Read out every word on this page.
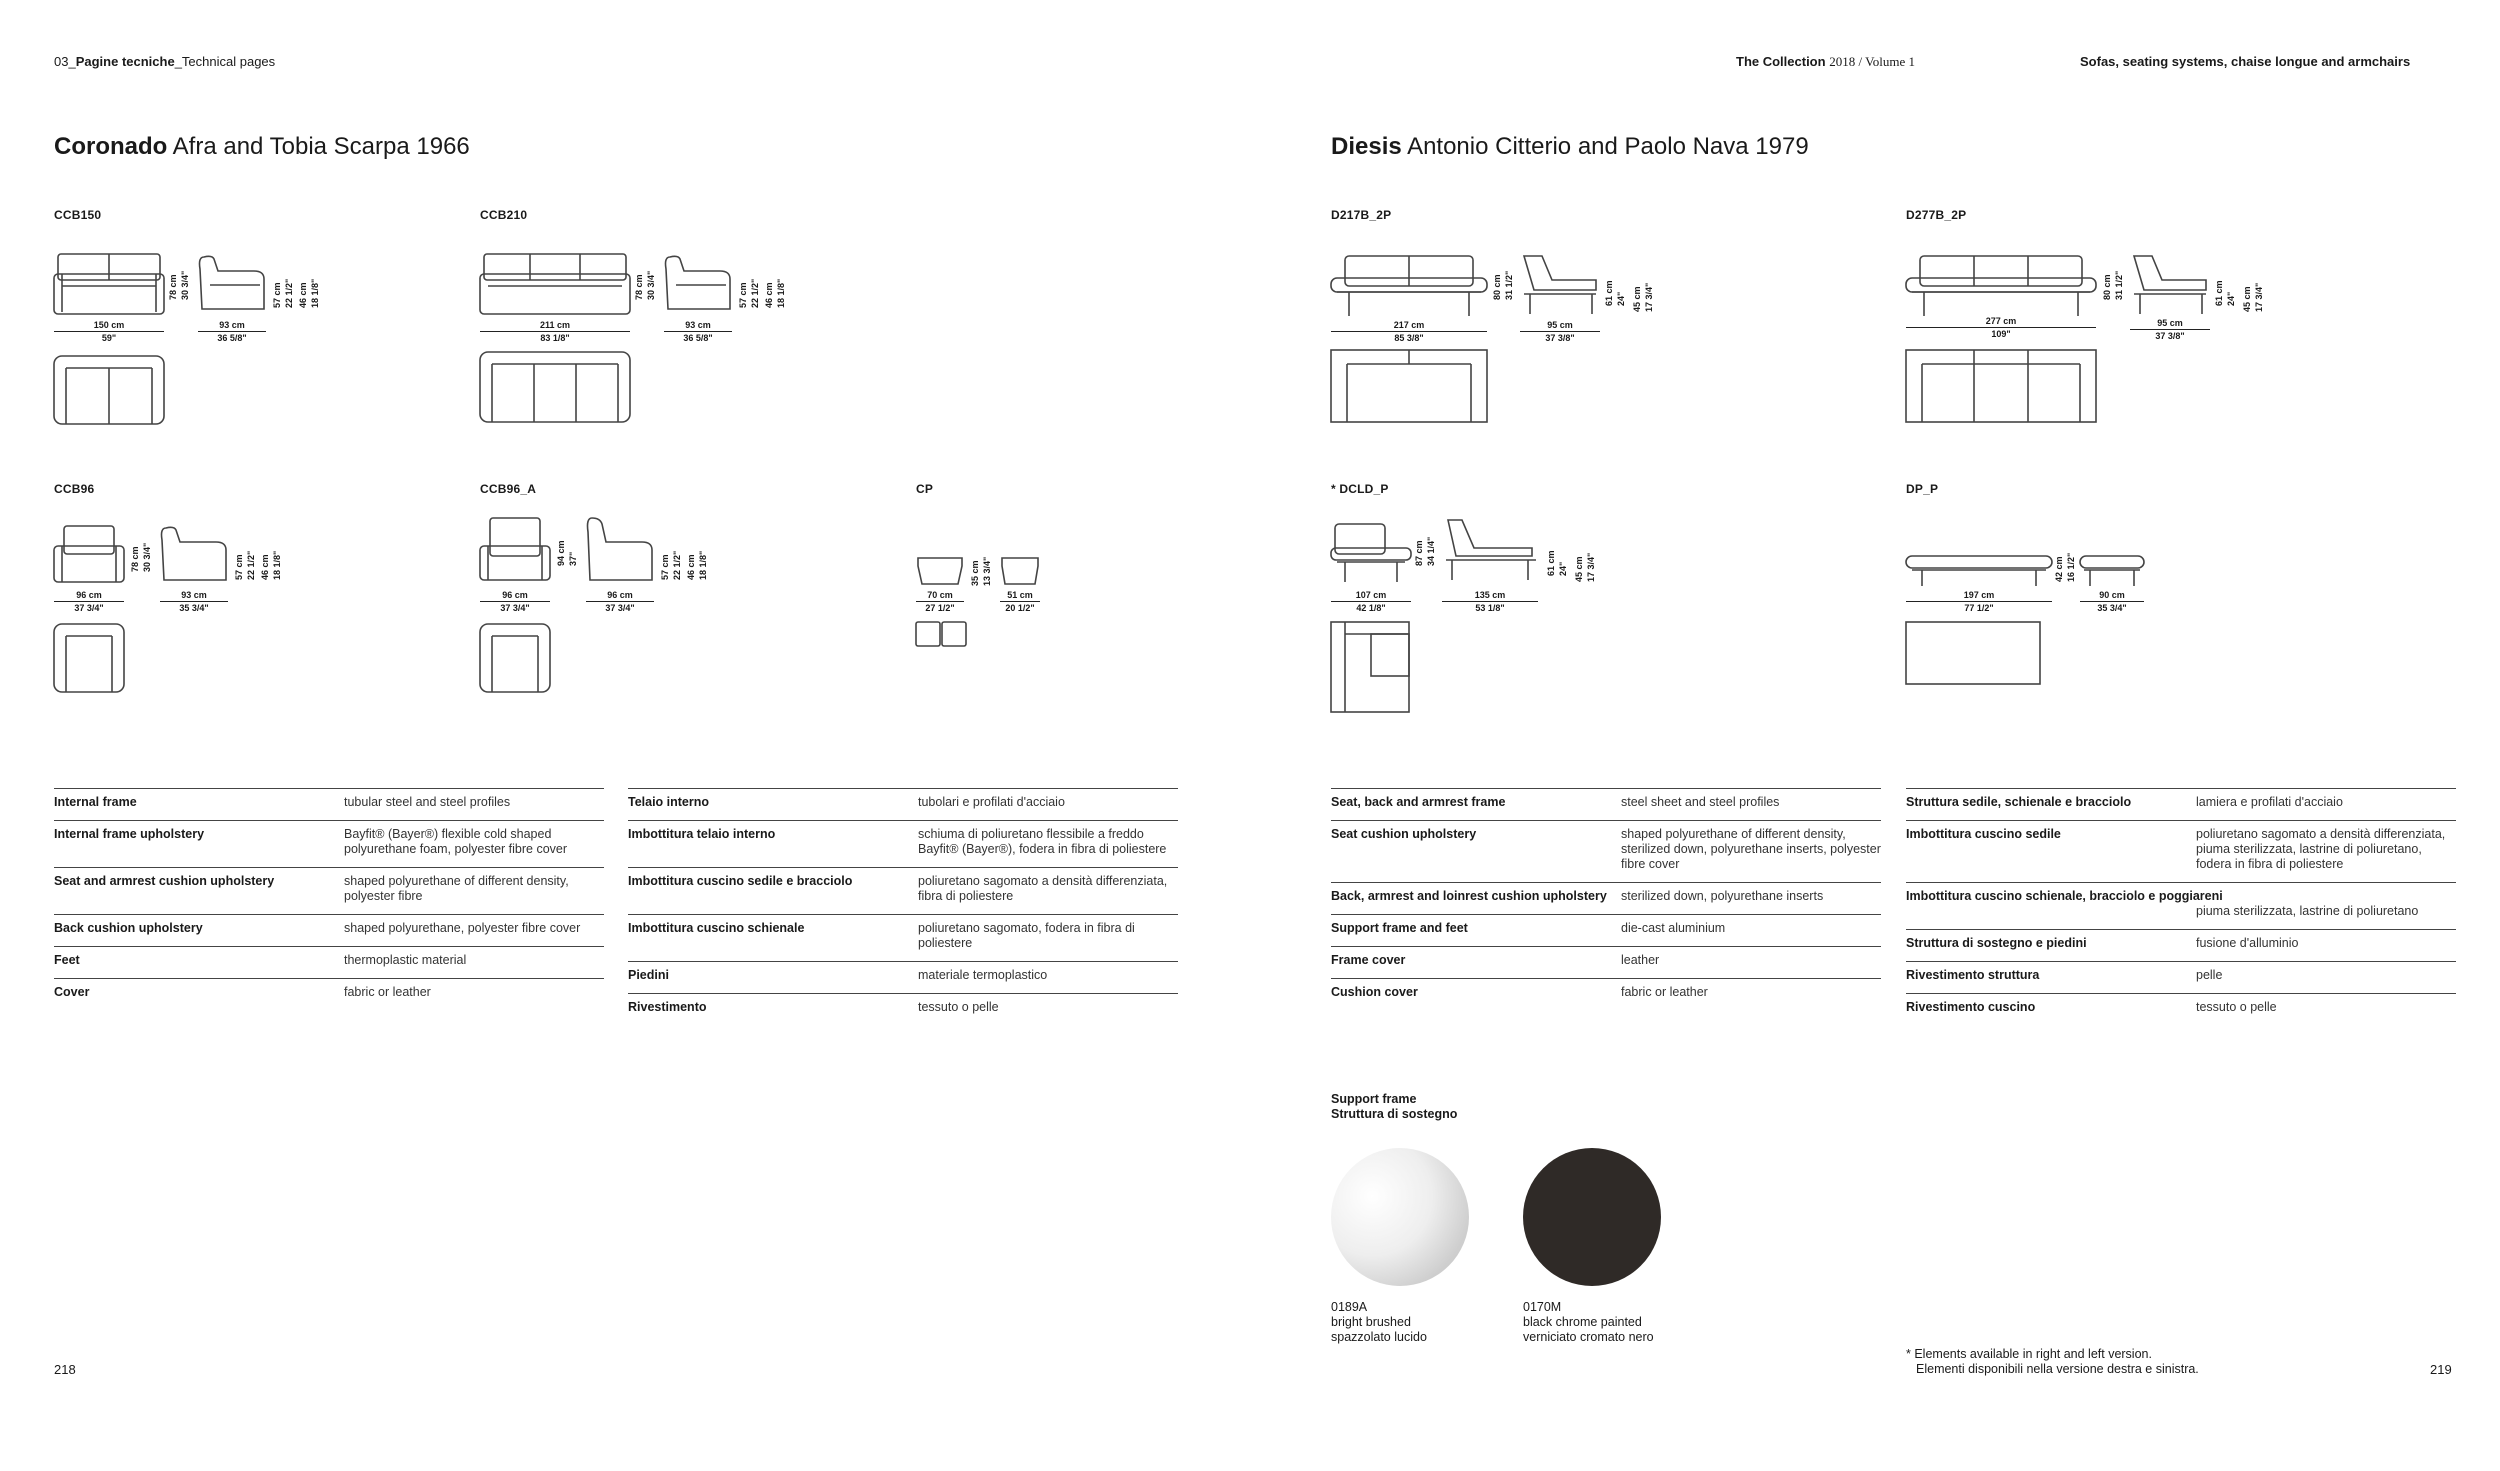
03_Pagine tecniche_Technical pages	The Collection 2018 / Volume 1	Sofas, seating systems, chaise longue and armchairs
Coronado Afra and Tobia Scarpa 1966	Diesis Antonio Citterio and Paolo Nava 1979
CCB150
150 cm
59"
93 cm
36 5/8"
78 cm 30 3/4"	57 cm 22 1/2" 46 cm 18 1/8"
CCB210
211 cm
83 1/8"
93 cm
36 5/8"
78 cm 30 3/4"	57 cm 22 1/2" 46 cm 18 1/8"
CCB96
96 cm
37 3/4"
93 cm
35 3/4"
78 cm 30 3/4"	57 cm 22 1/2" 46 cm 18 1/8"
CCB96_A
96 cm
37 3/4"
96 cm
37 3/4"
94 cm 37"	57 cm 22 1/2" 46 cm 18 1/8"
CP
35 cm 13 3/4"
70 cm
27 1/2"
51 cm
20 1/2"
D217B_2P
217 cm
85 3/8"
95 cm
37 3/8"
80 cm 31 1/2"	61 cm 24" 45 cm 17 3/4"
D277B_2P
277 cm
109"
95 cm
37 3/8"
80 cm 31 1/2"	61 cm 24" 45 cm 17 3/4"
* DCLD_P
107 cm
42 1/8"
135 cm
53 1/8"
87 cm 34 1/4"	61 cm 24" 45 cm 17 3/4"
DP_P
42 cm 16 1/2"
197 cm
77 1/2"
90 cm
35 3/4"
Internal frame	tubular steel and steel profiles
Internal frame upholstery	Bayfit® (Bayer®) flexible cold shaped polyurethane foam, polyester fibre cover
Seat and armrest cushion upholstery	shaped polyurethane of different density, polyester fibre
Back cushion upholstery	shaped polyurethane, polyester fibre cover
Feet	thermoplastic material
Cover	fabric or leather
Telaio interno	tubolari e profilati d'acciaio
Imbottitura telaio interno	schiuma di poliuretano flessibile a freddo Bayfit® (Bayer®), fodera in fibra di poliestere
Imbottitura cuscino sedile e bracciolo	poliuretano sagomato a densità differenziata, fibra di poliestere
Imbottitura cuscino schienale	poliuretano sagomato, fodera in fibra di poliestere
Piedini	materiale termoplastico
Rivestimento	tessuto o pelle
Seat, back and armrest frame	steel sheet and steel profiles
Seat cushion upholstery	shaped polyurethane of different density, sterilized down, polyurethane inserts, polyester fibre cover
Back, armrest and loinrest cushion upholstery	sterilized down, polyurethane inserts
Support frame and feet	die-cast aluminium
Frame cover	leather
Cushion cover	fabric or leather
Struttura sedile, schienale e bracciolo	lamiera e profilati d'acciaio
Imbottitura cuscino sedile	poliuretano sagomato a densità differenziata, piuma sterilizzata, lastrine di poliuretano, fodera in fibra di poliestere
Imbottitura cuscino schienale, bracciolo e poggiareni
piuma sterilizzata, lastrine di poliuretano
Struttura di sostegno e piedini	fusione d'alluminio
Rivestimento struttura	pelle
Rivestimento cuscino	tessuto o pelle
Support frame
Struttura di sostegno
0189A
bright brushed
spazzolato lucido
0170M
black chrome painted
verniciato cromato nero
* Elements available in right and left version.
Elementi disponibili nella versione destra e sinistra.
218	219
